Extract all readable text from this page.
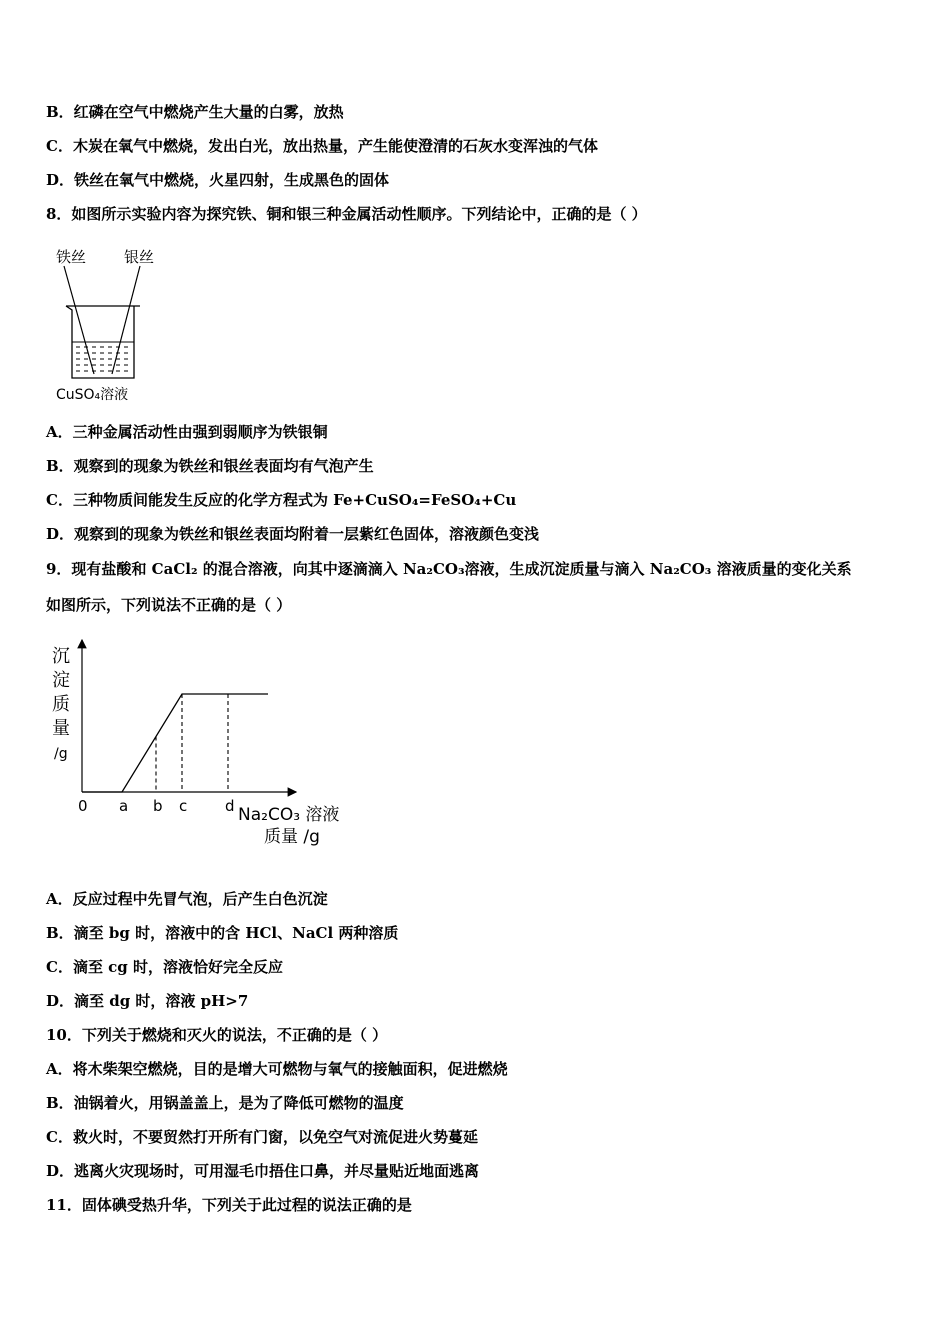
B．红磷在空气中燃烧产生大量的白雾，放热
C．木炭在氧气中燃烧，发出白光，放出热量，产生能使澄清的石灰水变浑浊的气体
D．铁丝在氧气中燃烧，火星四射，生成黑色的固体
8．如图所示实验内容为探究铁、铜和银三种金属活动性顺序。下列结论中，正确的是（ ）
铁丝	银丝
CuSO₄溶液
A．三种金属活动性由强到弱顺序为铁银铜
B．观察到的现象为铁丝和银丝表面均有气泡产生
C．三种物质间能发生反应的化学方程式为 Fe+CuSO₄=FeSO₄+Cu
D．观察到的现象为铁丝和银丝表面均附着一层紫红色固体，溶液颜色变浅
9．现有盐酸和 CaCl₂ 的混合溶液，向其中逐滴滴入 Na₂CO₃溶液，生成沉淀质量与滴入 Na₂CO₃ 溶液质量的变化关系
如图所示，下列说法不正确的是（ ）
沉
淀
质
量
/g
Na₂CO₃ 溶液
质量 /g
0 a b c	d
A．反应过程中先冒气泡，后产生白色沉淀
B．滴至 bg 时，溶液中的含 HCl、NaCl 两种溶质
C．滴至 cg 时，溶液恰好完全反应
D．滴至 dg 时，溶液 pH>7
10．下列关于燃烧和灭火的说法，不正确的是（ ）
A．将木柴架空燃烧，目的是增大可燃物与氧气的接触面积，促进燃烧
B．油锅着火，用锅盖盖上，是为了降低可燃物的温度
C．救火时，不要贸然打开所有门窗，以免空气对流促进火势蔓延
D．逃离火灾现场时，可用湿毛巾捂住口鼻，并尽量贴近地面逃离
11．固体碘受热升华，下列关于此过程的说法正确的是
